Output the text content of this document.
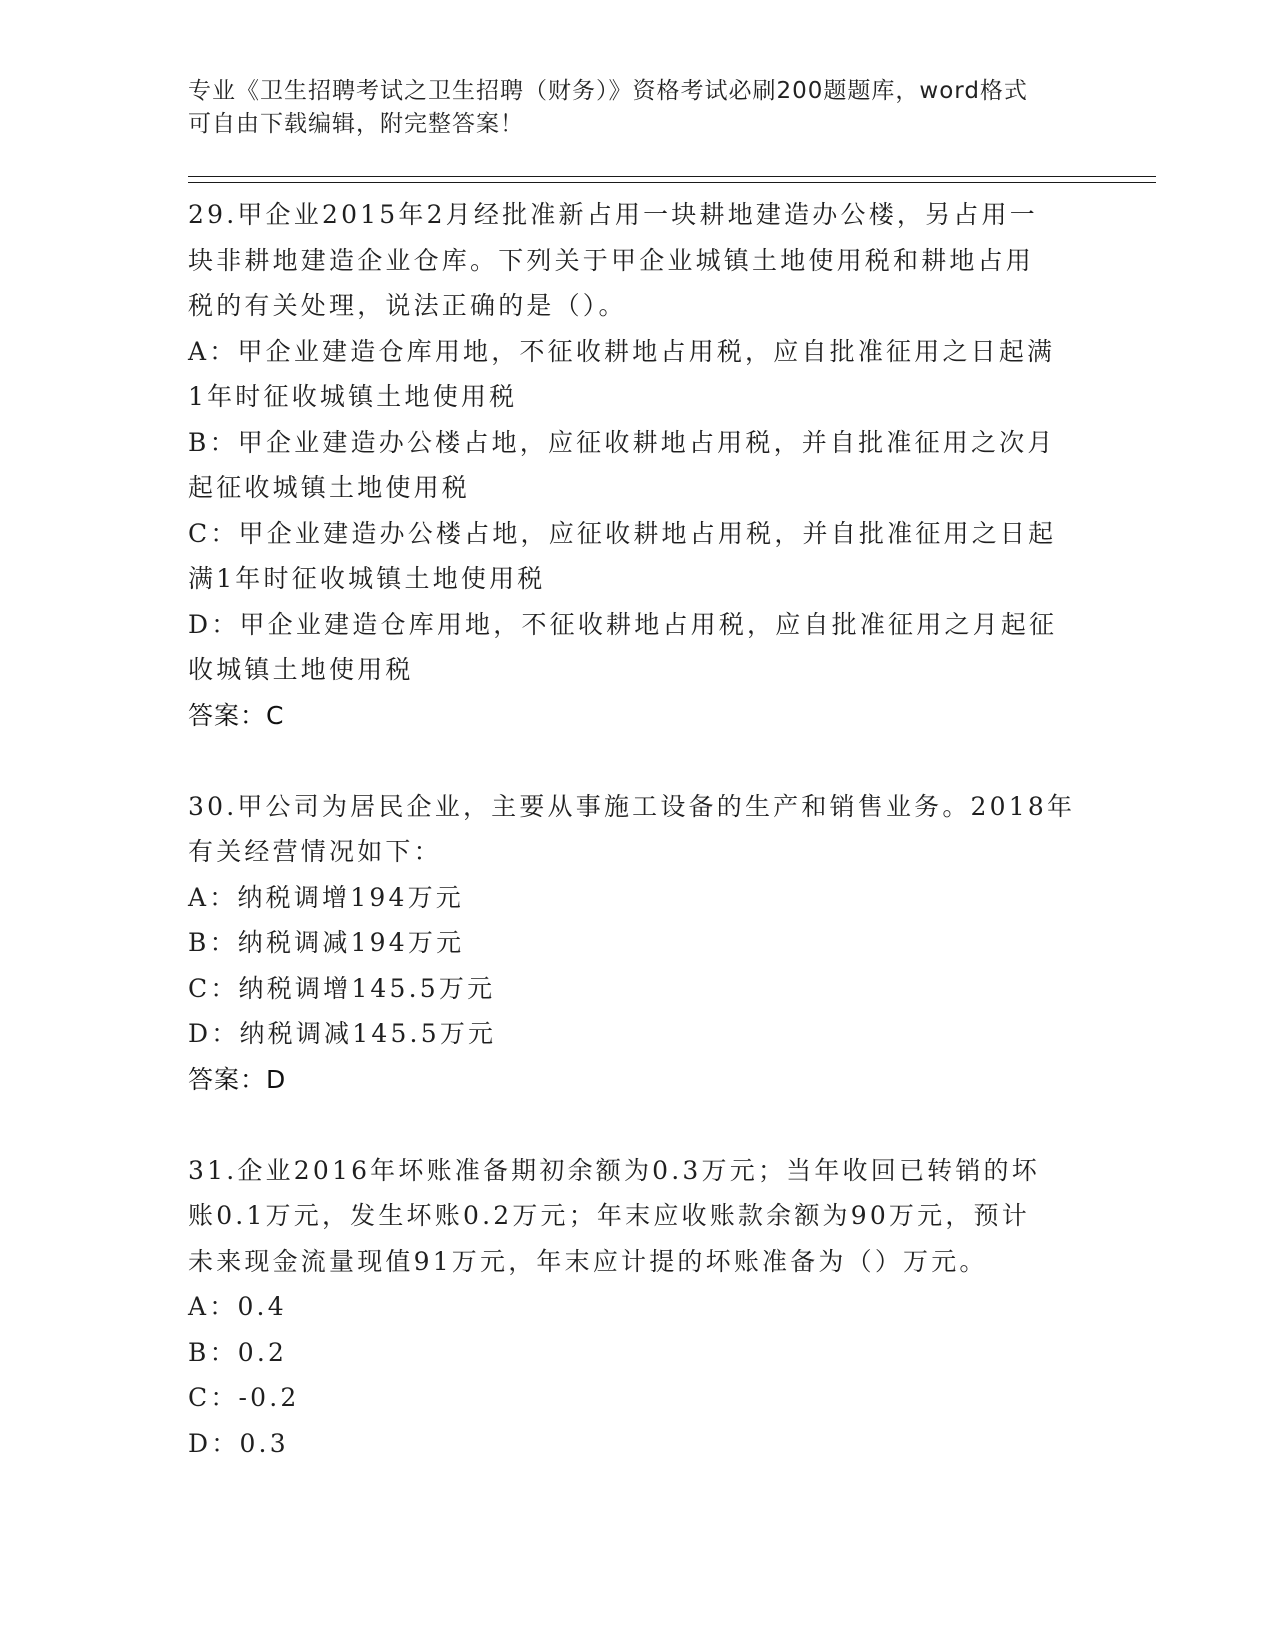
专业《卫生招聘考试之卫生招聘（财务）》资格考试必刷200题题库，word格式
可自由下载编辑，附完整答案！
29.甲企业2015年2月经批准新占用一块耕地建造办公楼，另占用一
块非耕地建造企业仓库。下列关于甲企业城镇土地使用税和耕地占用
税的有关处理，说法正确的是（）。
A：甲企业建造仓库用地，不征收耕地占用税，应自批准征用之日起满
1年时征收城镇土地使用税
B：甲企业建造办公楼占地，应征收耕地占用税，并自批准征用之次月
起征收城镇土地使用税
C：甲企业建造办公楼占地，应征收耕地占用税，并自批准征用之日起
满1年时征收城镇土地使用税
D：甲企业建造仓库用地，不征收耕地占用税，应自批准征用之月起征
收城镇土地使用税
答案：C
30.甲公司为居民企业，主要从事施工设备的生产和销售业务。2018年
有关经营情况如下：
A：纳税调增194万元
B：纳税调减194万元
C：纳税调增145.5万元
D：纳税调减145.5万元
答案：D
31.企业2016年坏账准备期初余额为0.3万元；当年收回已转销的坏
账0.1万元，发生坏账0.2万元；年末应收账款余额为90万元，预计
未来现金流量现值91万元，年末应计提的坏账准备为（）万元。
A：0.4
B：0.2
C：-0.2
D：0.3
